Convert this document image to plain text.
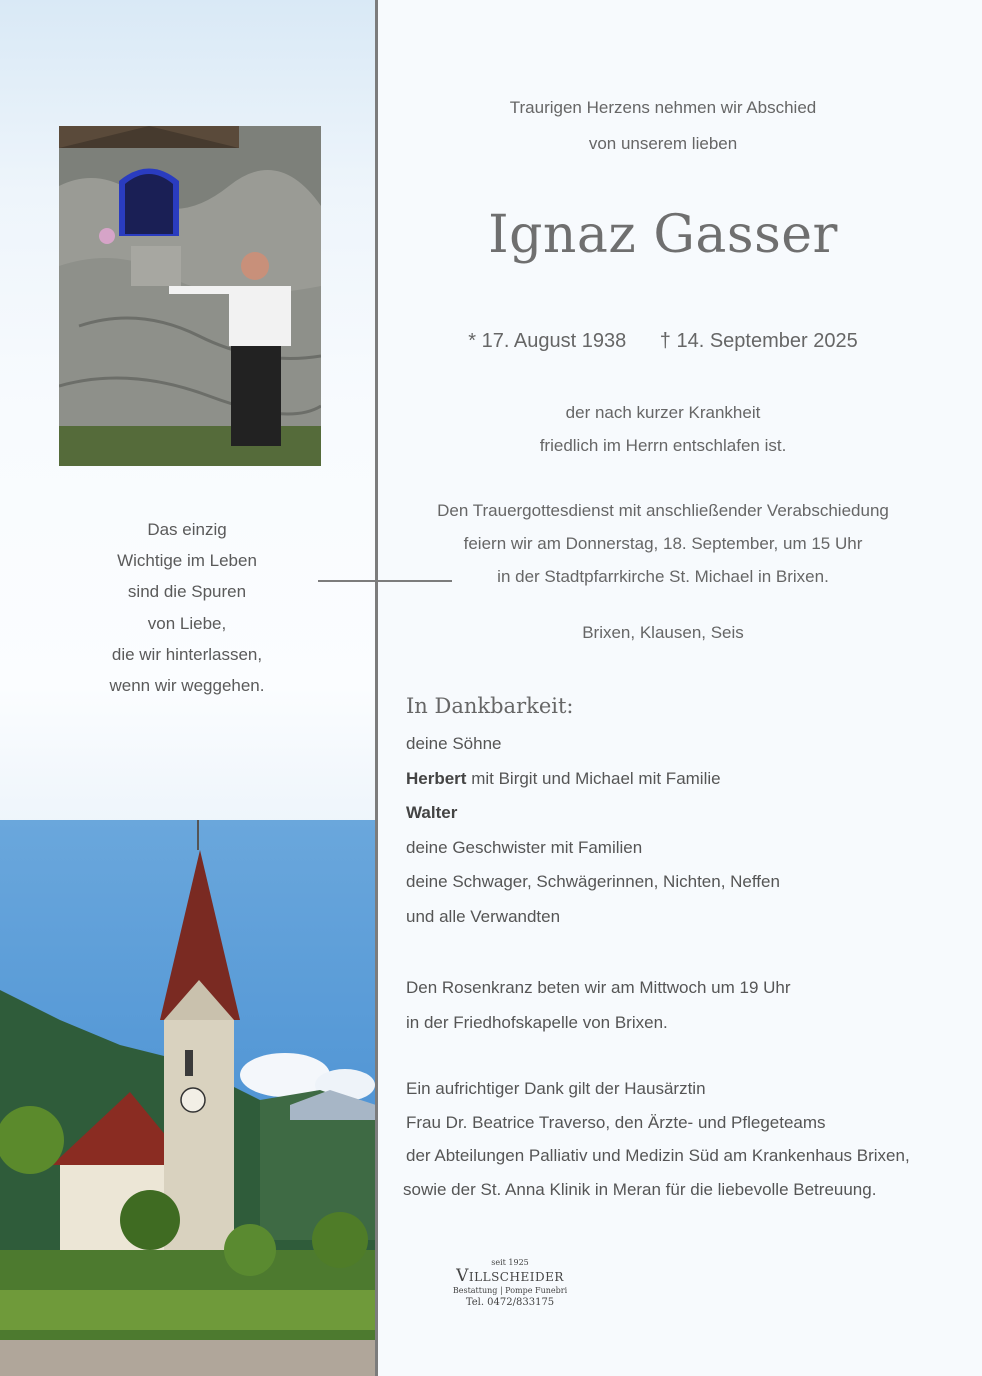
Das einzig
Wichtige im Leben
sind die Spuren
von Liebe,
die wir hinterlassen,
wenn wir weggehen.
Traurigen Herzens nehmen wir Abschied
von unserem lieben
Ignaz Gasser
* 17. August 1938 † 14. September 2025
der nach kurzer Krankheit
friedlich im Herrn entschlafen ist.
Den Trauergottesdienst mit anschließender Verabschiedung
feiern wir am Donnerstag, 18. September, um 15 Uhr
in der Stadtpfarrkirche St. Michael in Brixen.
Brixen, Klausen, Seis
In Dankbarkeit:
deine Söhne
Herbert mit Birgit und Michael mit Familie
Walter
deine Geschwister mit Familien
deine Schwager, Schwägerinnen, Nichten, Neffen
und alle Verwandten
Den Rosenkranz beten wir am Mittwoch um 19 Uhr
in der Friedhofskapelle von Brixen.
Ein aufrichtiger Dank gilt der Hausärztin
Frau Dr. Beatrice Traverso, den Ärzte- und Pflegeteams
der Abteilungen Palliativ und Medizin Süd am Krankenhaus Brixen,
sowie der St. Anna Klinik in Meran für die liebevolle Betreuung.
seit 1925
Villscheider
Bestattung | Pompe Funebri
Tel. 0472/833175
